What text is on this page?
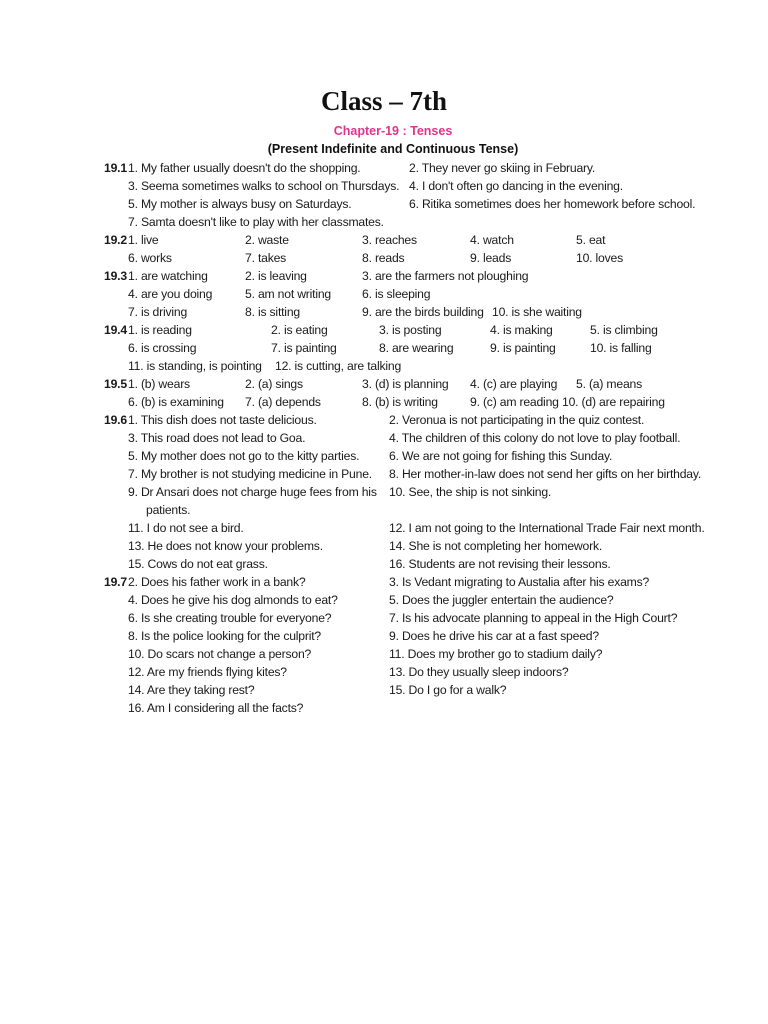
Class – 7th
Chapter-19 : Tenses
(Present Indefinite and Continuous Tense)
19.1 1. My father usually doesn't do the shopping.	2. They never go skiing in February.
3. Seema sometimes walks to school on Thursdays. 4. I don't often go dancing in the evening.
5. My mother is always busy on Saturdays.	6. Ritika sometimes does her homework before school.
7. Samta doesn't like to play with her classmates.
19.2 1. live	2. waste	3. reaches	4. watch	5. eat
6. works	7. takes	8. reads	9. leads	10. loves
19.3 1. are watching	2. is leaving	3. are the farmers not ploughing
4. are you doing	5. am not writing	6. is sleeping
7. is driving	8. is sitting	9. are the birds building 10. is she waiting
19.4 1. is reading	2. is eating	3. is posting	4. is making	5. is climbing
6. is crossing	7. is painting	8. are wearing	9. is painting	10. is falling
11. is standing, is pointing 12. is cutting, are talking
19.5 1. (b) wears	2. (a) sings	3. (d) is planning 4. (c) are playing 5. (a) means
6. (b) is examining 7. (a) depends	8. (b) is writing	9. (c) am reading 10. (d) are repairing
19.6 1. This dish does not taste delicious.	2. Veronua is not participating in the quiz contest.
3. This road does not lead to Goa.	4. The children of this colony do not love to play football.
5. My mother does not go to the kitty parties. 6. We are not going for fishing this Sunday.
7. My brother is not studying medicine in Pune. 8. Her mother-in-law does not send her gifts on her birthday.
9. Dr Ansari does not charge huge fees from his 10. See, the ship is not sinking.
patients.
11. I do not see a bird.	12. I am not going to the International Trade Fair next month.
13. He does not know your problems.	14. She is not completing her homework.
15. Cows do not eat grass.	16. Students are not revising their lessons.
19.7 2. Does his father work in a bank?	3. Is Vedant migrating to Austalia after his exams?
4. Does he give his dog almonds to eat?	5. Does the juggler entertain the audience?
6. Is she creating trouble for everyone?	7. Is his advocate planning to appeal in the High Court?
8. Is the police looking for the culprit?	9. Does he drive his car at a fast speed?
10. Do scars not change a person?	11. Does my brother go to stadium daily?
12. Are my friends flying kites?	13. Do they usually sleep indoors?
14. Are they taking rest?	15. Do I go for a walk?
16. Am I considering all the facts?
